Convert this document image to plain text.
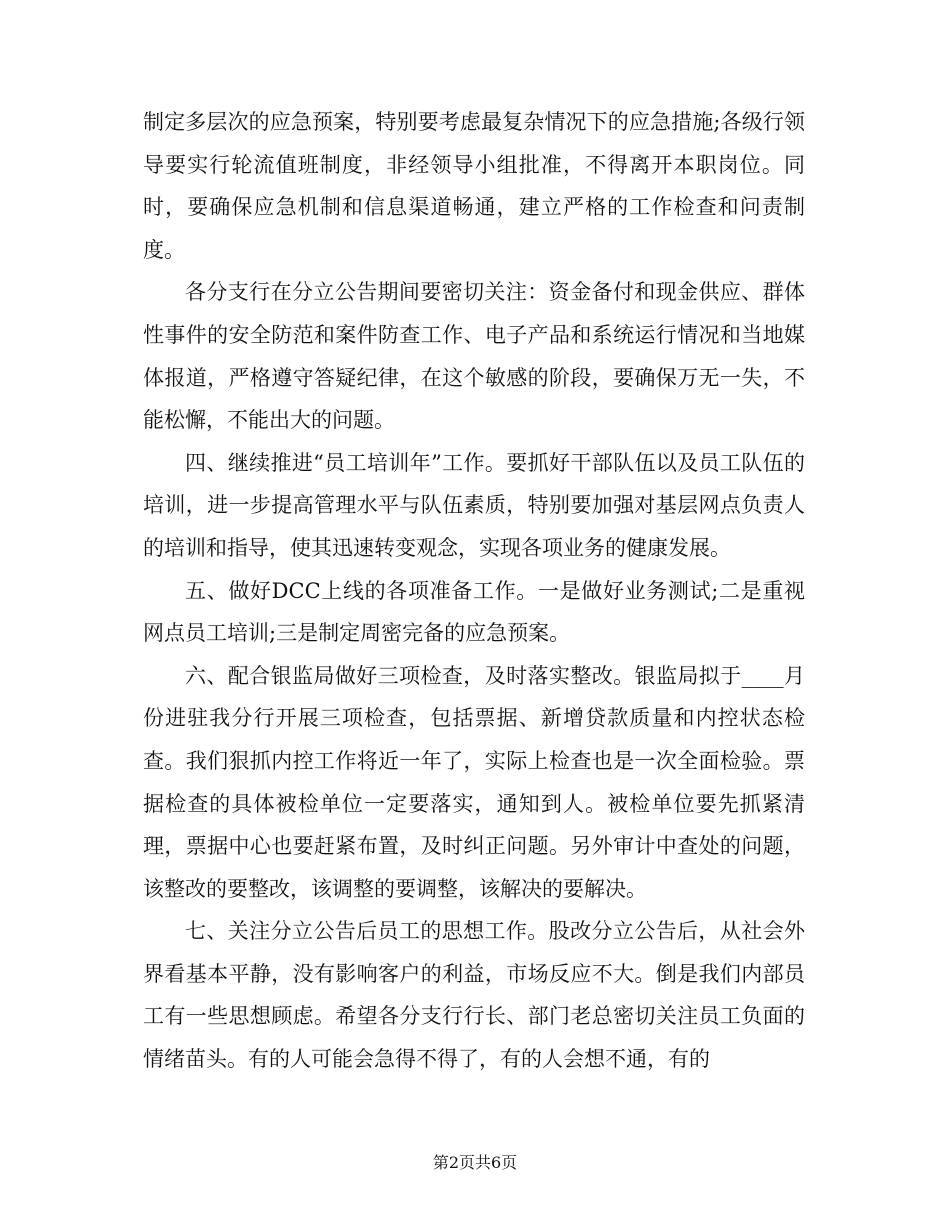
制定多层次的应急预案，特别要考虑最复杂情况下的应急措施;各级行领导要实行轮流值班制度，非经领导小组批准，不得离开本职岗位。同时，要确保应急机制和信息渠道畅通，建立严格的工作检查和问责制度。

各分支行在分立公告期间要密切关注：资金备付和现金供应、群体性事件的安全防范和案件防查工作、电子产品和系统运行情况和当地媒体报道，严格遵守答疑纪律，在这个敏感的阶段，要确保万无一失，不能松懈，不能出大的问题。

四、继续推进“员工培训年”工作。要抓好干部队伍以及员工队伍的培训，进一步提高管理水平与队伍素质，特别要加强对基层网点负责人的培训和指导，使其迅速转变观念，实现各项业务的健康发展。

五、做好DCC上线的各项准备工作。一是做好业务测试;二是重视网点员工培训;三是制定周密完备的应急预案。

六、配合银监局做好三项检查，及时落实整改。银监局拟于____月份进驻我分行开展三项检查，包括票据、新增贷款质量和内控状态检查。我们狠抓内控工作将近一年了，实际上检查也是一次全面检验。票据检查的具体被检单位一定要落实，通知到人。被检单位要先抓紧清理，票据中心也要赶紧布置，及时纠正问题。另外审计中查处的问题，该整改的要整改，该调整的要调整，该解决的要解决。

七、关注分立公告后员工的思想工作。股改分立公告后，从社会外界看基本平静，没有影响客户的利益，市场反应不大。倒是我们内部员工有一些思想顾虑。希望各分支行行长、部门老总密切关注员工负面的情绪苗头。有的人可能会急得不得了，有的人会想不通，有的

第2页共6页
